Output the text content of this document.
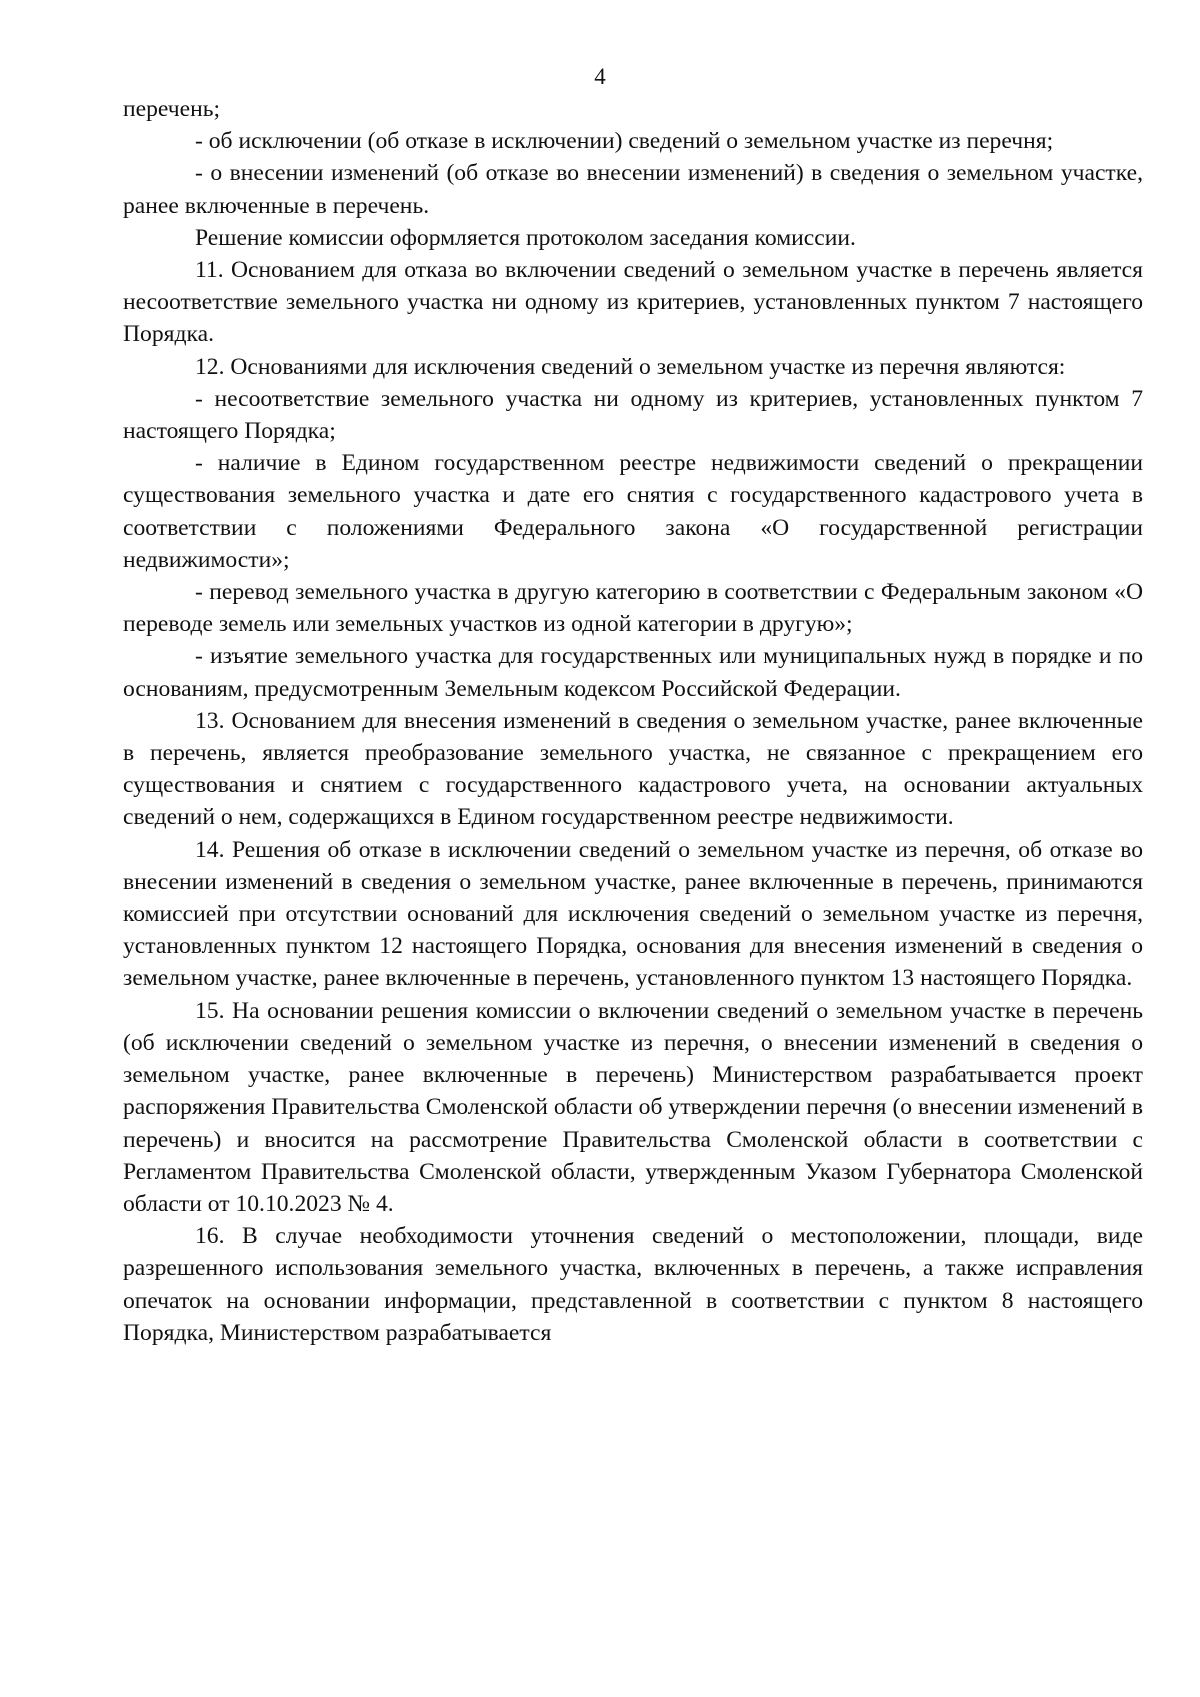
4

перечень;

- об исключении (об отказе в исключении) сведений о земельном участке из перечня;

- о внесении изменений (об отказе во внесении изменений) в сведения о земельном участке, ранее включенные в перечень.

Решение комиссии оформляется протоколом заседания комиссии.

11. Основанием для отказа во включении сведений о земельном участке в перечень является несоответствие земельного участка ни одному из критериев, установленных пунктом 7 настоящего Порядка.

12. Основаниями для исключения сведений о земельном участке из перечня являются:

- несоответствие земельного участка ни одному из критериев, установленных пунктом 7 настоящего Порядка;

- наличие в Едином государственном реестре недвижимости сведений о прекращении существования земельного участка и дате его снятия с государственного кадастрового учета в соответствии с положениями Федерального закона «О государственной регистрации недвижимости»;

- перевод земельного участка в другую категорию в соответствии с Федеральным законом «О переводе земель или земельных участков из одной категории в другую»;

- изъятие земельного участка для государственных или муниципальных нужд в порядке и по основаниям, предусмотренным Земельным кодексом Российской Федерации.

13. Основанием для внесения изменений в сведения о земельном участке, ранее включенные в перечень, является преобразование земельного участка, не связанное с прекращением его существования и снятием с государственного кадастрового учета, на основании актуальных сведений о нем, содержащихся в Едином государственном реестре недвижимости.

14. Решения об отказе в исключении сведений о земельном участке из перечня, об отказе во внесении изменений в сведения о земельном участке, ранее включенные в перечень, принимаются комиссией при отсутствии оснований для исключения сведений о земельном участке из перечня, установленных пунктом 12 настоящего Порядка, основания для внесения изменений в сведения о земельном участке, ранее включенные в перечень, установленного пунктом 13 настоящего Порядка.

15. На основании решения комиссии о включении сведений о земельном участке в перечень (об исключении сведений о земельном участке из перечня, о внесении изменений в сведения о земельном участке, ранее включенные в перечень) Министерством разрабатывается проект распоряжения Правительства Смоленской области об утверждении перечня (о внесении изменений в перечень) и вносится на рассмотрение Правительства Смоленской области в соответствии с Регламентом Правительства Смоленской области, утвержденным Указом Губернатора Смоленской области от 10.10.2023 № 4.

16. В случае необходимости уточнения сведений о местоположении, площади, виде разрешенного использования земельного участка, включенных в перечень, а также исправления опечаток на основании информации, представленной в соответствии с пунктом 8 настоящего Порядка, Министерством разрабатывается
